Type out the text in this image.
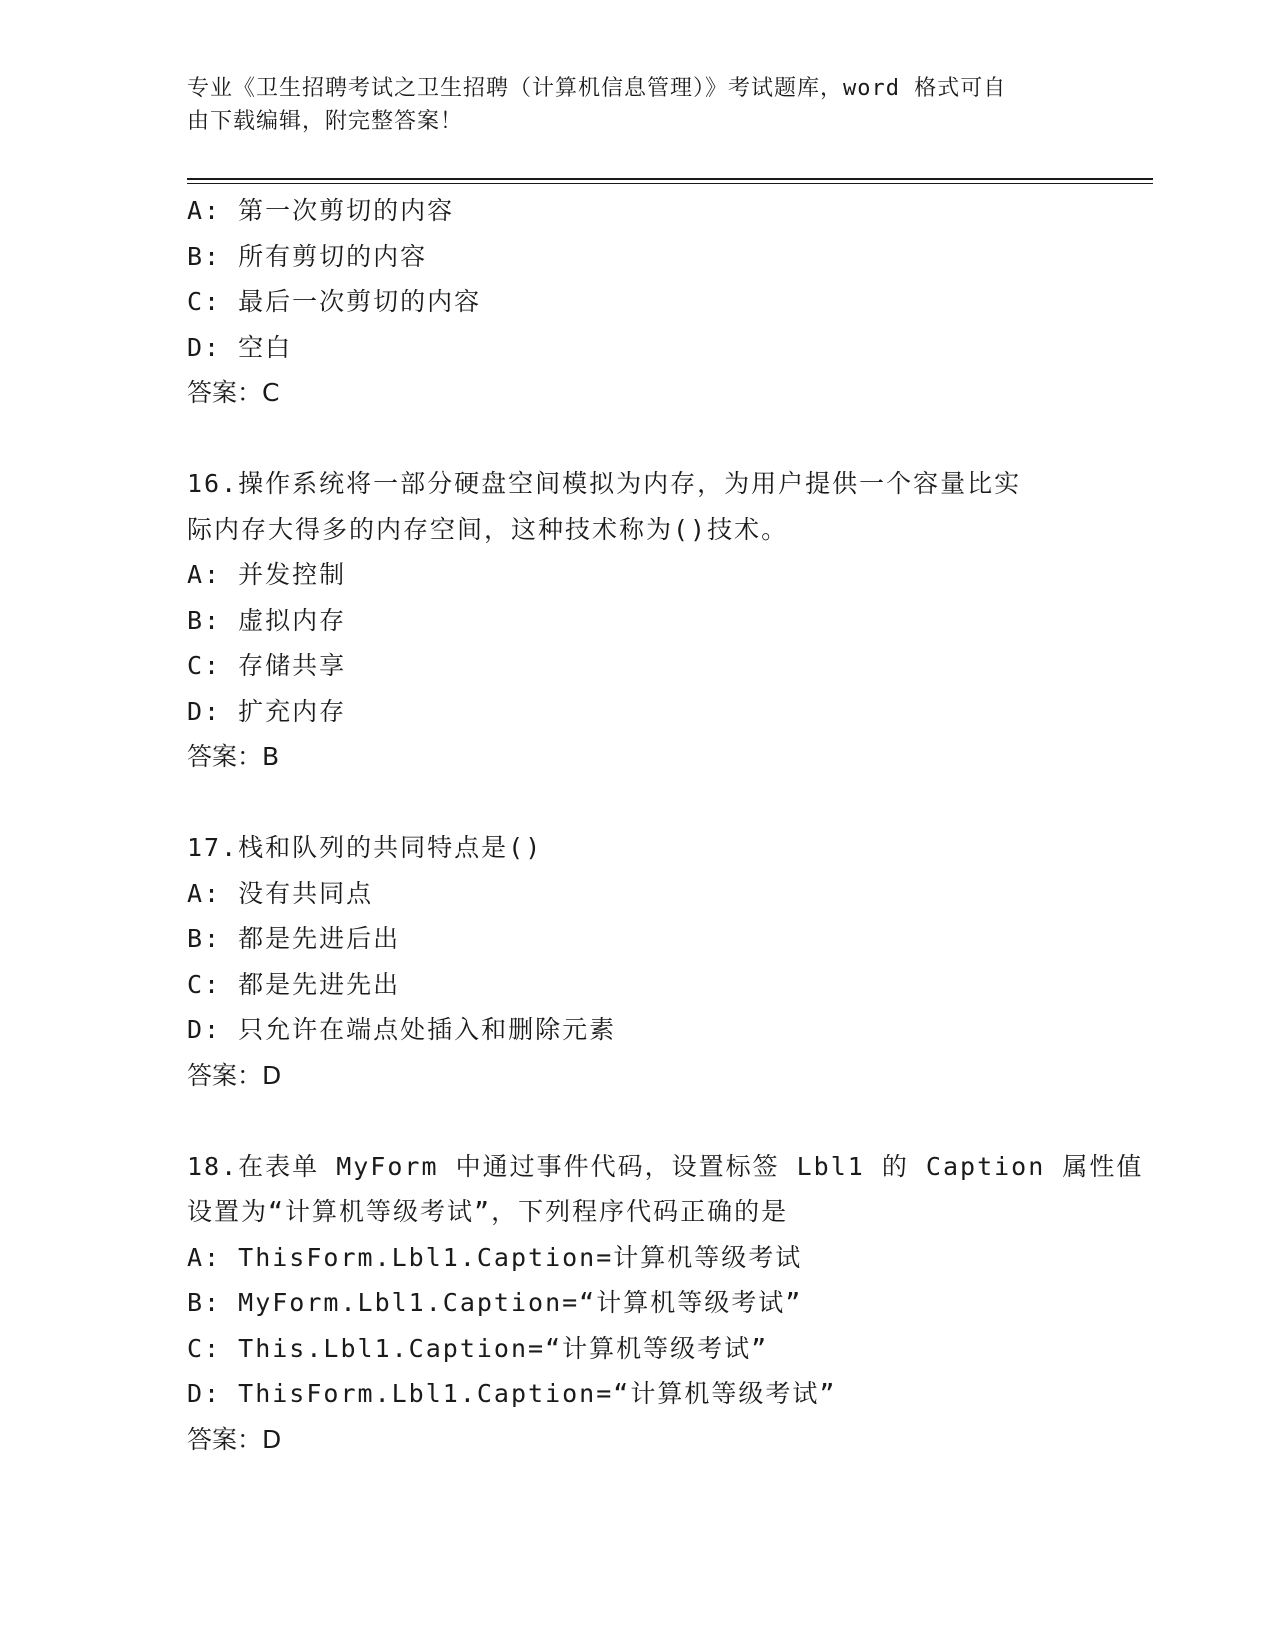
专业《卫生招聘考试之卫生招聘（计算机信息管理）》考试题库，word 格式可自
由下载编辑，附完整答案！
A: 第一次剪切的内容
B: 所有剪切的内容
C: 最后一次剪切的内容
D: 空白
答案：C
16.操作系统将一部分硬盘空间模拟为内存，为用户提供一个容量比实
际内存大得多的内存空间，这种技术称为()技术。
A: 并发控制
B: 虚拟内存
C: 存储共享
D: 扩充内存
答案：B
17.栈和队列的共同特点是()
A: 没有共同点
B: 都是先进后出
C: 都是先进先出
D: 只允许在端点处插入和删除元素
答案：D
18.在表单 MyForm 中通过事件代码，设置标签 Lbl1 的 Caption 属性值
设置为“计算机等级考试”，下列程序代码正确的是
A: ThisForm.Lbl1.Caption=计算机等级考试
B: MyForm.Lbl1.Caption=“计算机等级考试”
C: This.Lbl1.Caption=“计算机等级考试”
D: ThisForm.Lbl1.Caption=“计算机等级考试”
答案：D
